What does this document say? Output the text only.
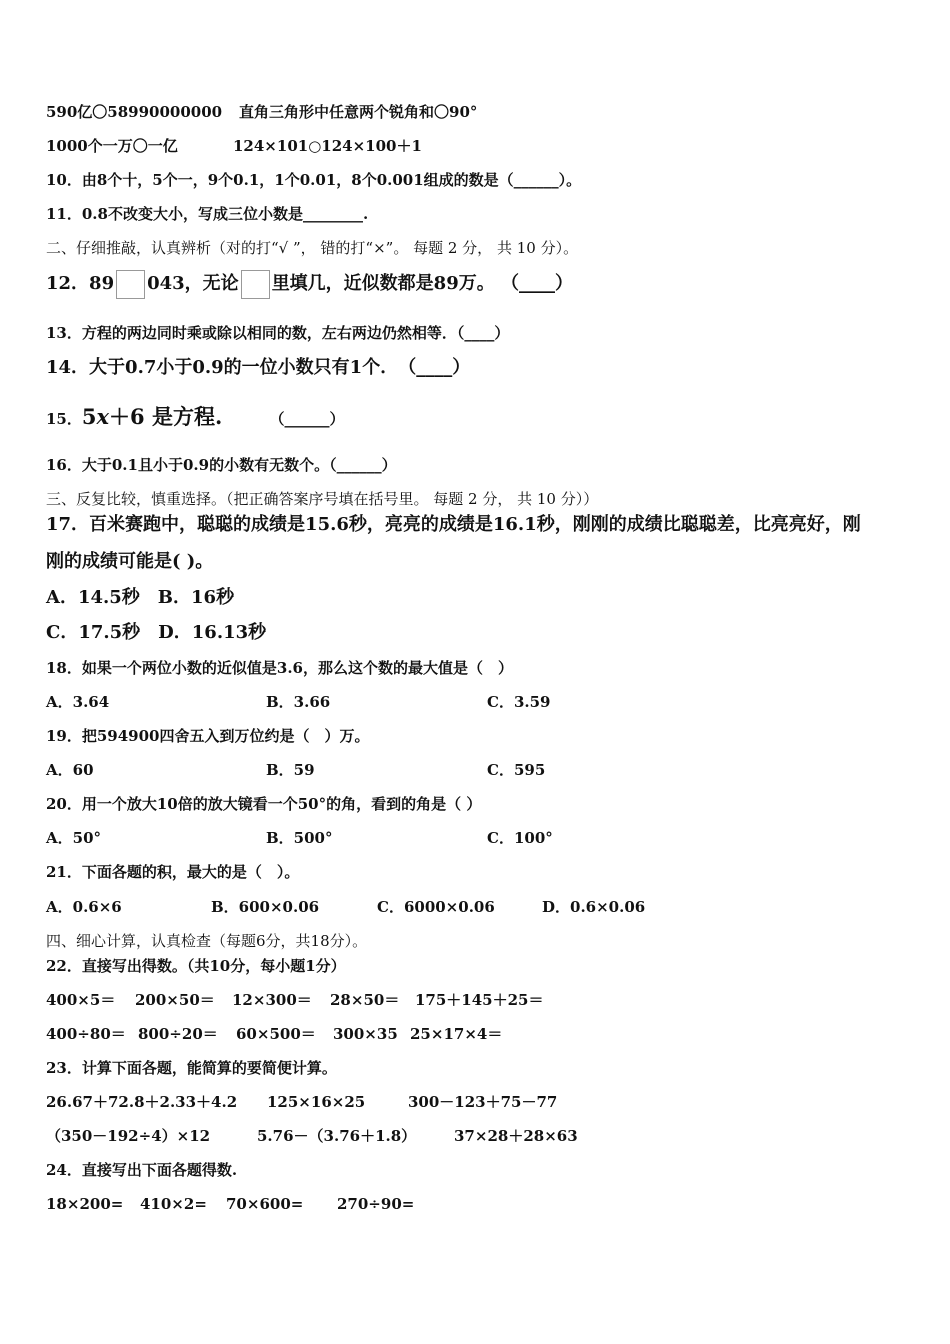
590亿〇58990000000 直角三角形中任意两个锐角和〇90°
1000个一万〇一亿	124×101○124×100＋1
10．由8个十，5个一，9个0.1，1个0.01，8个0.001组成的数是（______）。
11．0.8不改变大小，写成三位小数是________.
二、仔细推敲，认真辨析（对的打“√ ”， 错的打“×”。 每题 2 分， 共 10 分）。
12．89 043，无论 里填几，近似数都是89万。 （____）
13．方程的两边同时乘或除以相同的数，左右两边仍然相等．（____）
14．大于0.7小于0.9的一位小数只有1个．　（____）
15．5x＋6 是方程.	（______）
16．大于0.1且小于0.9的小数有无数个。（______）
三、反复比较，慎重选择。（把正确答案序号填在括号里。 每题 2 分， 共 10 分））
17．百米赛跑中，聪聪的成绩是15.6秒，亮亮的成绩是16.1秒，刚刚的成绩比聪聪差，比亮亮好，刚
刚的成绩可能是( )。
A．14.5秒　B．16秒
C．17.5秒　D．16.13秒
18．如果一个两位小数的近似值是3.6，那么这个数的最大值是（　）
A．3.64	B．3.66	C．3.59
19．把594900四舍五入到万位约是（　）万。
A．60	B．59	C．595
20．用一个放大10倍的放大镜看一个50°的角，看到的角是（ ）
A．50°	B．500°	C．100°
21．下面各题的积，最大的是（　）。
A．0.6×6	B．600×0.06	C．6000×0.06	D．0.6×0.06
四、细心计算，认真检查（每题6分，共18分）。
22．直接写出得数。（共10分，每小题1分）
400×5＝ 200×50＝ 12×300＝ 28×50＝ 175＋145＋25＝
400÷80＝ 800÷20＝ 60×500＝ 300×35 25×17×4＝
23．计算下面各题，能简算的要简便计算。
26.67＋72.8＋2.33＋4.2 125×16×25	300－123＋75－77
（350－192÷4）×12	5.76－（3.76＋1.8）	37×28＋28×63
24．直接写出下面各题得数.
18×200= 410×2= 70×600= 270÷90=
